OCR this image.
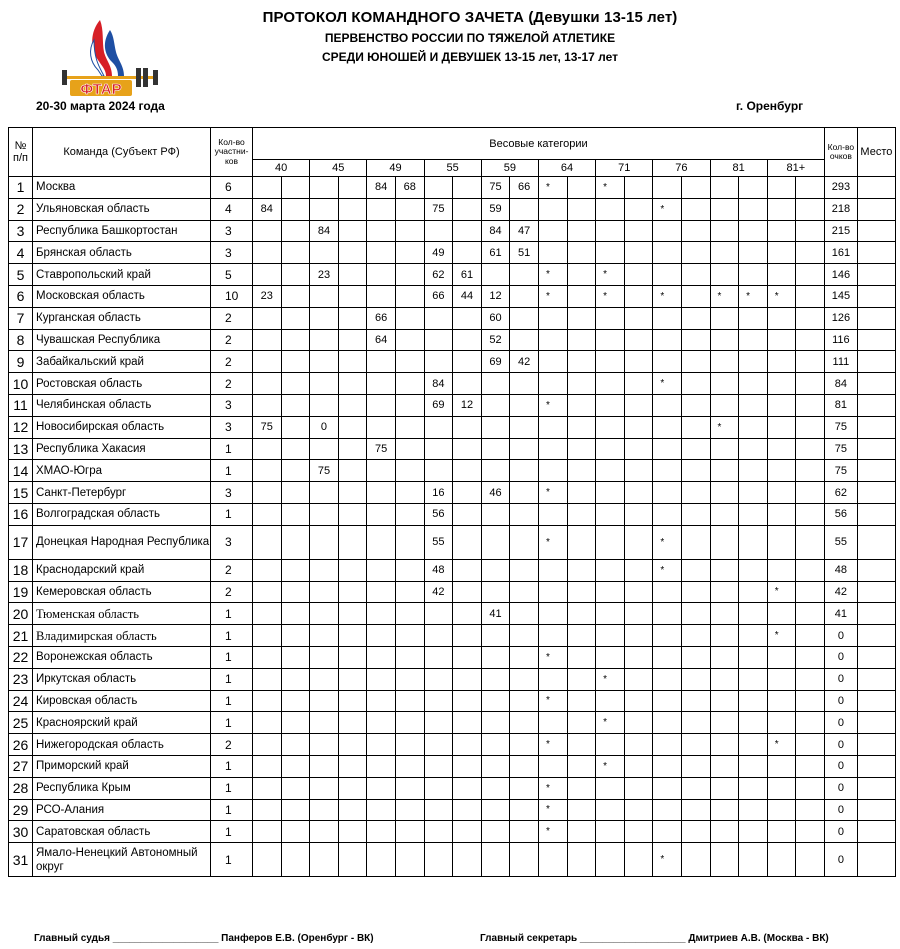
ФТАР
ПРОТОКОЛ КОМАНДНОГО ЗАЧЕТА (Девушки 13-15 лет)
ПЕРВЕНСТВО РОССИИ ПО ТЯЖЕЛОЙ АТЛЕТИКЕ
СРЕДИ ЮНОШЕЙ И ДЕВУШЕК 13-15 лет, 13-17 лет
20-30 марта 2024 года	г. Оренбург
№ п/п	Команда (Субъект РФ)	Кол-во участни-ков	Весовые категории																				Кол-во очков	Место
			40		45		49		55		59		64		71		76		81		81+			
1	Москва	6					84	68			75	66	*		*								293	
2	Ульяновская область	4	84						75		59						*						218	
3	Республика Башкортостан	3			84						84	47											215	
4	Брянская область	3							49		61	51											161	
5	Ставропольский край	5			23				62	61			*		*								146	
6	Московская область	10	23						66	44	12		*		*		*		*	*	*		145	
7	Курганская область	2					66				60												126	
8	Чувашская Республика	2					64				52												116	
9	Забайкальский край	2									69	42											111	
10	Ростовская область	2							84								*						84	
11	Челябинская область	3							69	12			*										81	
12	Новосибирская область	3	75		0														*				75	
13	Республика Хакасия	1					75																75	
14	ХМАО-Югра	1			75																		75	
15	Санкт-Петербург	3							16		46		*										62	
16	Волгоградская область	1							56														56	
17	Донецкая Народная Республика	3							55				*				*						55	
18	Краснодарский край	2							48								*						48	
19	Кемеровская область	2							42												*		42	
20	Тюменская область	1									41												41	
21	Владимирская область	1																			*		0	
22	Воронежская область	1											*										0	
23	Иркутская область	1													*								0	
24	Кировская область	1											*										0	
25	Красноярский край	1													*								0	
26	Нижегородская область	2											*								*		0	
27	Приморский край	1													*								0	
28	Республика Крым	1											*										0	
29	РСО-Алания	1											*										0	
30	Саратовская область	1											*										0	
31	Ямало-Ненецкий Автономный округ	1															*						0	
Главный судья ___________________ Панферов Е.В. (Оренбург - ВК)	Главный секретарь ___________________ Дмитриев А.В. (Москва - ВК)
